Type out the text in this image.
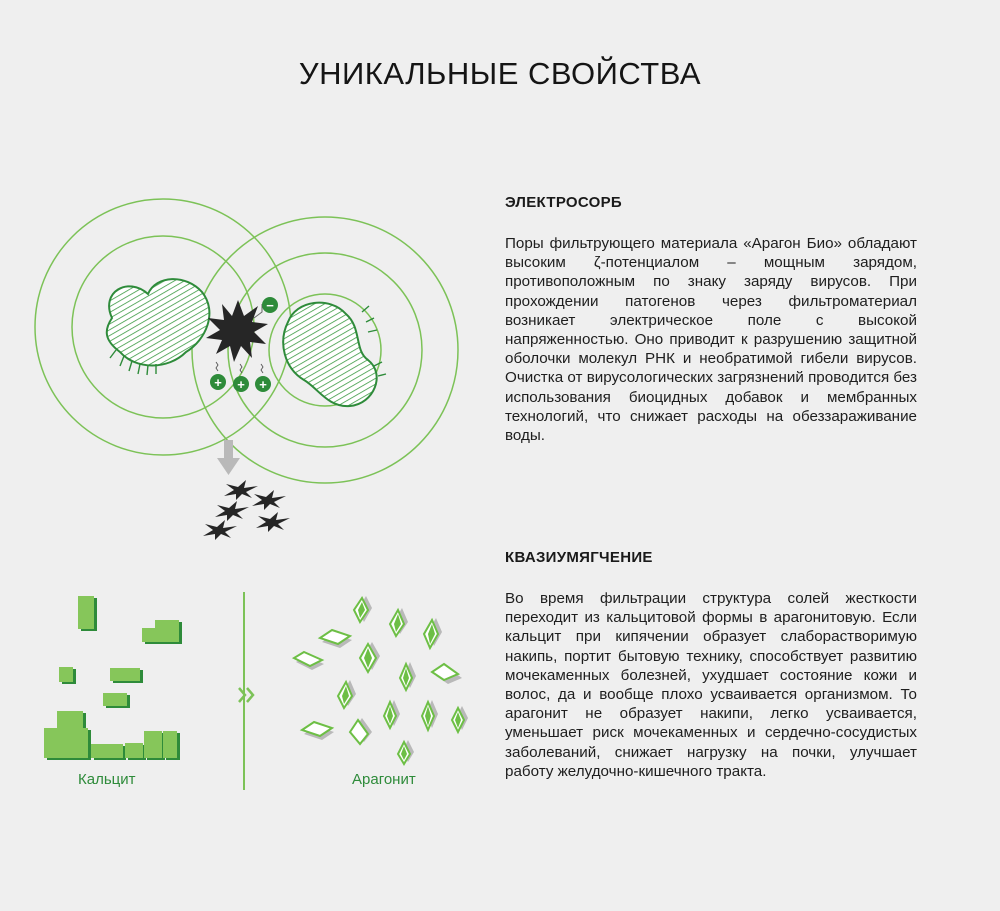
УНИКАЛЬНЫЕ СВОЙСТВА
−
+ + +
Кальцит	Арагонит
ЭЛЕКТРОСОРБ
Поры фильтрующего материала «Арагон Био» обладают высоким ζ-потенциалом – мощным зарядом, противоположным по знаку заряду вирусов. При прохождении патогенов через фильтроматериал возникает электрическое поле с высокой напряженностью. Оно приводит к разрушению защитной оболочки молекул РНК и необратимой гибели вирусов. Очистка от вирусологических загрязнений проводится без использования биоцидных добавок и мембранных технологий, что снижает расходы на обеззараживание воды.
КВАЗИУМЯГЧЕНИЕ
Во время фильтрации структура солей жесткости переходит из кальцитовой формы в арагонитовую. Если кальцит при кипячении образует слаборастворимую накипь, портит бытовую технику, способствует развитию мочекаменных болезней, ухудшает состояние кожи и волос, да и вообще плохо усваивается организмом. То арагонит не образует накипи, легко усваивается, уменьшает риск мочекаменных и сердечно-сосудистых заболеваний, снижает нагрузку на почки, улучшает работу желудочно-кишечного тракта.
